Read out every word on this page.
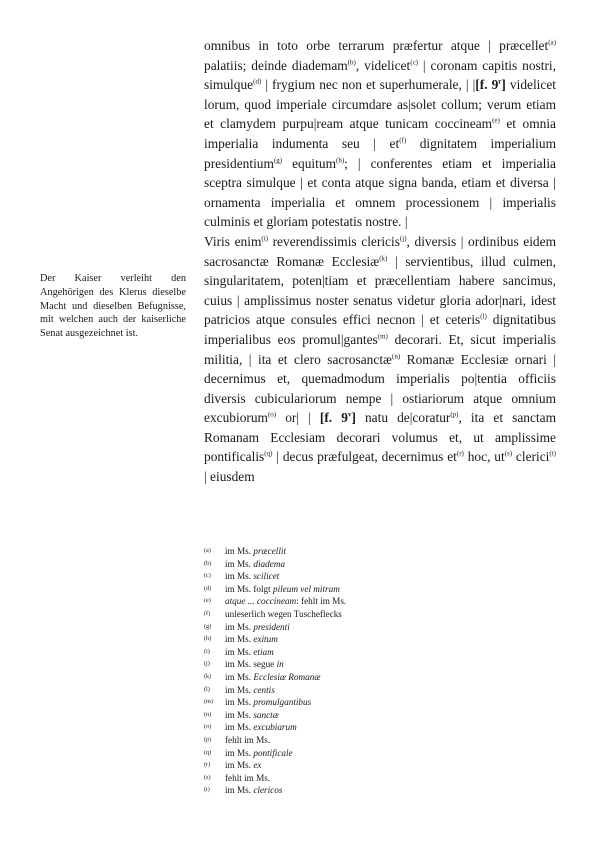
omnibus in toto orbe terrarum præfertur atque | præcellet$^{(a)}$ palatiis; deinde diademam$^{(b)}$, videlicet$^{(c)}$ | coronam capitis nostri, simulque$^{(d)}$ | frygium nec non et superhumerale, | |[f. 9$^r$] videlicet lorum, quod imperiale circumdare as|solet collum; verum etiam et clamydem purpu|ream atque tunicam coccineam$^{(e)}$ et omnia imperialia indumenta seu | $et^{(f)}$ dignitatem imperialium presidentium$^{(g)}$ equitum$^{(h)}$; | conferentes etiam et imperialia sceptra simulque | et conta atque signa banda, etiam et diversa | ornamenta imperialia et omnem processionem | imperialis culminis et gloriam potestatis nostre. |

Viris enim$^{(i)}$ reverendissimis clericis$^{(j)}$, diversis | ordinibus eidem sacrosanctæ Romanæ Ecclesiæ$^{(k)}$ | servientibus, illud culmen, singularitatem, poten|tiam et præcellentiam habere sancimus, cuius | amplissimus noster senatus videtur gloria ador|nari, idest patricios atque consules effici necnon | et ceteris$^{(l)}$ dignitatibus imperialibus eos promul|gantes$^{(m)}$ decorari. Et, sicut imperialis militia, | ita et clero sacrosanctæ$^{(n)}$ Romanæ Ecclesiæ ornari | decernimus et, quemadmodum imperialis po|tentia officiis diversis cubiculariorum nempe | ostiariorum atque omnium excubiorum$^{(o)}$ or| | [f. 9$^v$] natu de|coratur$^{(p)}$, ita et sanctam Romanam Ecclesiam decorari volumus et, ut amplissime pontificalis$^{(q)}$ | decus præfulgeat, decernimus $et^{(r)}$ hoc, $ut^{(s)}$ clerici$^{(t)}$ | eiusdem

Der Kaiser verleiht den Angehörigen des Klerus dieselbe Macht und dieselben Befugnisse, mit welchen auch der kaiserliche Senat ausgezeichnet ist.
(a)	im Ms. præcellit
(b)	im Ms. diadema
(c)	im Ms. scilicet
(d)	im Ms. folgt pileum vel mitram
(e)	atque ... coccineam: fehlt im Ms.
(f)	unleserlich wegen Tuscheflecks
(g)	im Ms. presidenti
(h)	im Ms. exitum
(i)	im Ms. etiam
(j)	im Ms. segue in
(k)	im Ms. Ecclesiæ Romanæ
(l)	im Ms. centis
(m)	im Ms. promulgantibus
(n)	im Ms. sanctæ
(o)	im Ms. excubiarum
(p)	fehlt im Ms.
(q)	im Ms. pontificale
(r)	im Ms. ex
(s)	fehlt im Ms.
(t)	im Ms. clericos
